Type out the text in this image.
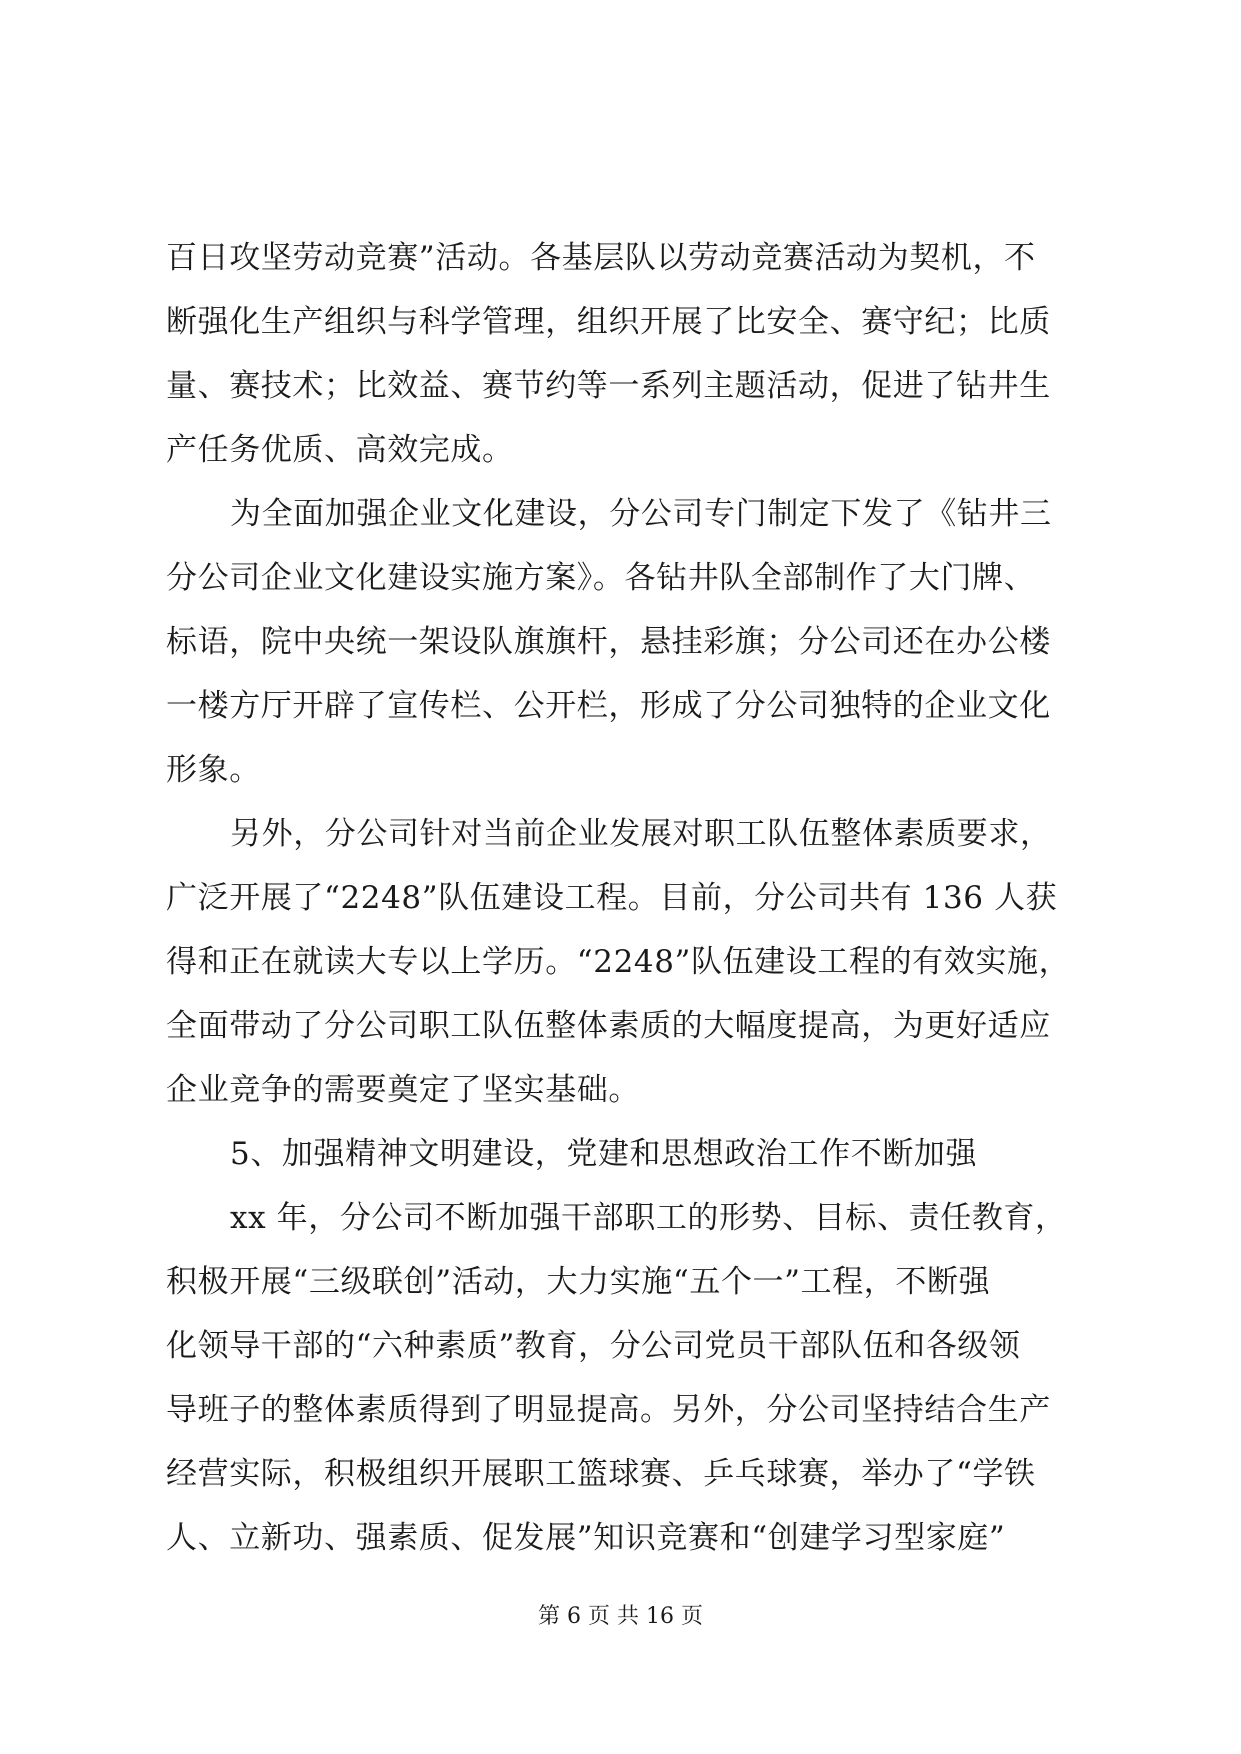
百日攻坚劳动竞赛”活动。各基层队以劳动竞赛活动为契机，不
断强化生产组织与科学管理，组织开展了比安全、赛守纪；比质
量、赛技术；比效益、赛节约等一系列主题活动，促进了钻井生
产任务优质、高效完成。
为全面加强企业文化建设，分公司专门制定下发了《钻井三
分公司企业文化建设实施方案》。各钻井队全部制作了大门牌、
标语，院中央统一架设队旗旗杆，悬挂彩旗；分公司还在办公楼
一楼方厅开辟了宣传栏、公开栏，形成了分公司独特的企业文化
形象。
另外，分公司针对当前企业发展对职工队伍整体素质要求，
广泛开展了“2248”队伍建设工程。目前，分公司共有 136 人获
得和正在就读大专以上学历。“2248”队伍建设工程的有效实施，
全面带动了分公司职工队伍整体素质的大幅度提高，为更好适应
企业竞争的需要奠定了坚实基础。
5、加强精神文明建设，党建和思想政治工作不断加强
xx 年，分公司不断加强干部职工的形势、目标、责任教育，
积极开展“三级联创”活动，大力实施“五个一”工程，不断强
化领导干部的“六种素质”教育，分公司党员干部队伍和各级领
导班子的整体素质得到了明显提高。另外，分公司坚持结合生产
经营实际，积极组织开展职工篮球赛、乒乓球赛，举办了“学铁
人、立新功、强素质、促发展”知识竞赛和“创建学习型家庭”
第 6 页 共 16 页
